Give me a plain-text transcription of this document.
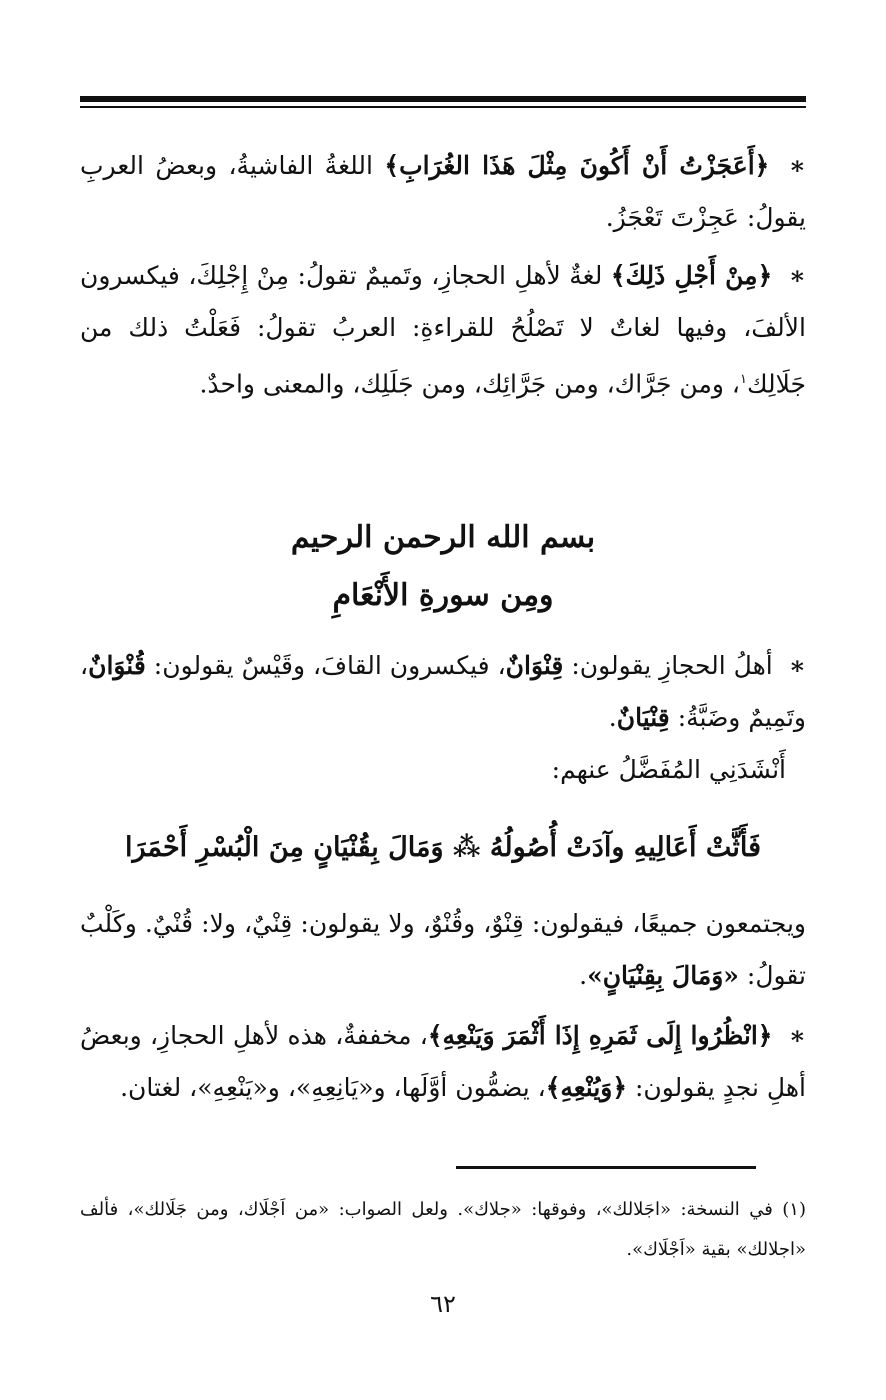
∗ ﴿أَعَجَزْتُ أَنْ أَكُونَ مِثْلَ هَذَا الغُرَابِ﴾ اللغةُ الفاشيةُ، وبعضُ العربِ يقولُ: عَجِزْتَ تَعْجَزُ.

∗ ﴿مِنْ أَجْلِ ذَلِكَ﴾ لغةٌ لأهلِ الحجازِ، وتَميمٌ تقولُ: مِنْ إِجْلِكَ، فيكسرون الألفَ، وفيها لغاتٌ لا تَصْلُحُ للقراءةِ: العربُ تقولُ: فَعَلْتُ ذلك من جَلَالِك$^١$، ومن جَرَّاك، ومن جَرَّائِك، ومن جَلَلِك، والمعنى واحدٌ.

بسم الله الرحمن الرحيم
ومِن سورةِ الأَنْعَامِ

∗ أهلُ الحجازِ يقولون: قِنْوَانٌ، فيكسرون القافَ، وقَيْسٌ يقولون: قُنْوَانٌ، وتَمِيمٌ وضَبَّةُ: قِنْيَانٌ.

أَنْشَدَنِي المُفَضَّلُ عنهم:

فَأَثَّتْ أَعَالِيهِ وآدَتْ أُصُولُهُ ⁂ وَمَالَ بِقُنْيَانٍ مِنَ الْبُسْرِ أَحْمَرَا

ويجتمعون جميعًا، فيقولون: قِنْوٌ، وقُنْوٌ، ولا يقولون: قِنْيٌ، ولا: قُنْيٌ. وكَلْبٌ تقولُ: «وَمَالَ بِقِنْيَانٍ».

∗ ﴿انْظُرُوا إِلَى ثَمَرِهِ إِذَا أَثْمَرَ وَيَنْعِهِ﴾، مخففةٌ، هذه لأهلِ الحجازِ، وبعضُ أهلِ نجدٍ يقولون: ﴿وَيُنْعِهِ﴾، يضمُّون أوَّلَها، و«يَانِعِهِ»، و«يَنْعِهِ»، لغتان.

(١) في النسخة: «اجَلالك»، وفوقها: «جلاك». ولعل الصواب: «من اَجْلَاك، ومن جَلَالك»، فألف «اجلالك» بقية «اَجْلَاك».
٦٢
